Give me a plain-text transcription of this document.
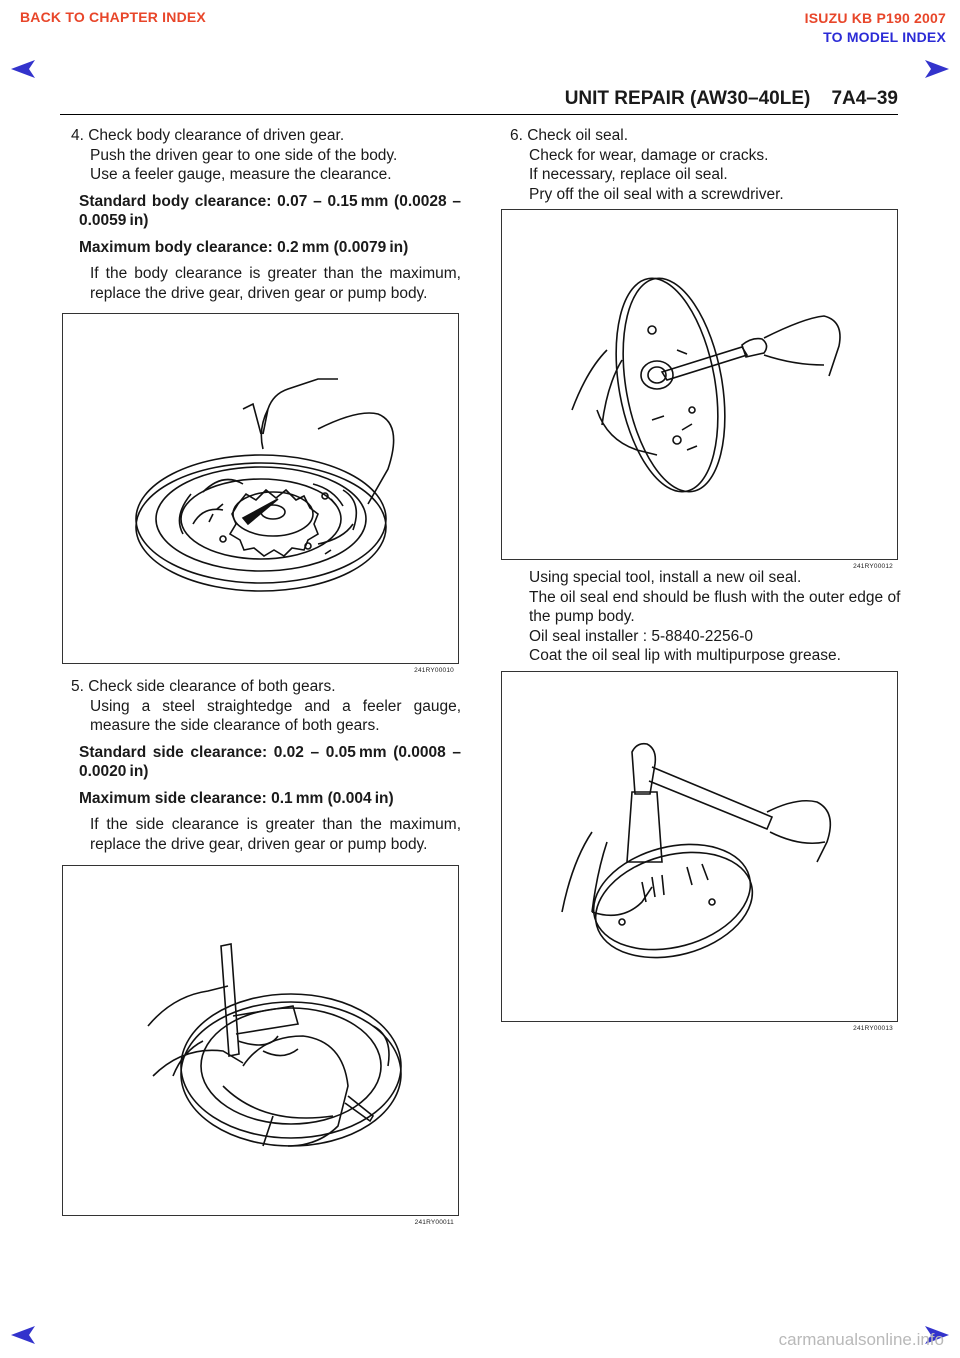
BACK TO CHAPTER INDEX	ISUZU KB P190 2007
TO MODEL INDEX
UNIT REPAIR (AW30–40LE)    7A4–39

4. Check body clearance of driven gear.

Push the driven gear to one side of the body.

Use a feeler gauge, measure the clearance.

Standard body clearance: 0.07 – 0.15 mm (0.0028 – 0.0059 in)

Maximum body clearance: 0.2 mm (0.0079 in)

If the body clearance is greater than the maximum, replace the drive gear, driven gear or pump body.

241RY00010

5. Check side clearance of both gears.

Using a steel straightedge and a feeler gauge, measure the side clearance of both gears.

Standard side clearance: 0.02 – 0.05 mm (0.0008 – 0.0020 in)

Maximum side clearance: 0.1 mm (0.004 in)

If the side clearance is greater than the maximum, replace the drive gear, driven gear or pump body.

241RY00011

6. Check oil seal.

Check for wear, damage or cracks.

If necessary, replace oil seal.

Pry off the oil seal with a screwdriver.

241RY00012

Using special tool, install a new oil seal.

The oil seal end should be flush with the outer edge of the pump body.

Oil seal installer : 5-8840-2256-0

Coat the oil seal lip with multipurpose grease.

241RY00013
carmanualsonline.info
